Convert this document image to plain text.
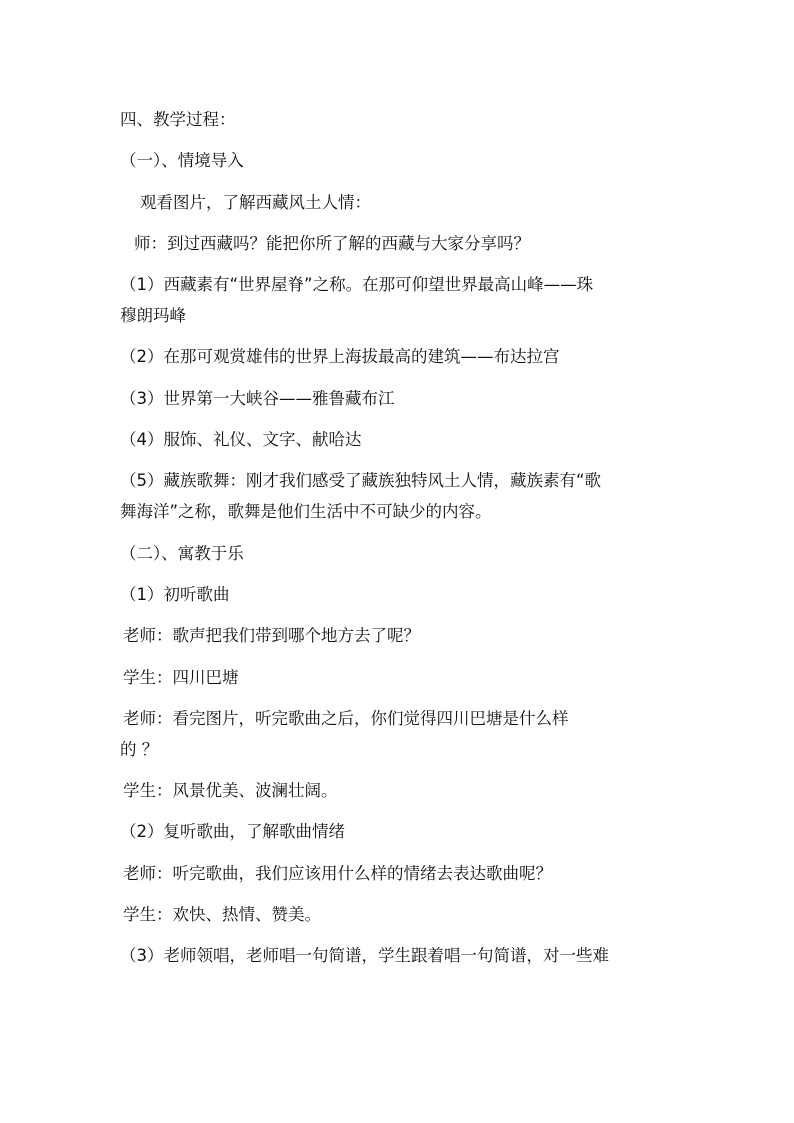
四、教学过程：
（一）、情境导入
观看图片，了解西藏风土人情：
师：到过西藏吗？能把你所了解的西藏与大家分享吗？
（1）西藏素有“世界屋脊”之称。在那可仰望世界最高山峰——珠
穆朗玛峰
（2）在那可观赏雄伟的世界上海拔最高的建筑——布达拉宫
（3）世界第一大峡谷——雅鲁藏布江
（4）服饰、礼仪、文字、献哈达
（5）藏族歌舞：刚才我们感受了藏族独特风土人情，藏族素有“歌
舞海洋”之称，歌舞是他们生活中不可缺少的内容。
（二）、寓教于乐
（1）初听歌曲
老师：歌声把我们带到哪个地方去了呢？
学生：四川巴塘
老师：看完图片，听完歌曲之后，你们觉得四川巴塘是什么样
的 ？
学生：风景优美、波澜壮阔。
（2）复听歌曲，了解歌曲情绪
老师：听完歌曲，我们应该用什么样的情绪去表达歌曲呢？
学生：欢快、热情、赞美。
（3）老师领唱，老师唱一句简谱，学生跟着唱一句简谱，对一些难
